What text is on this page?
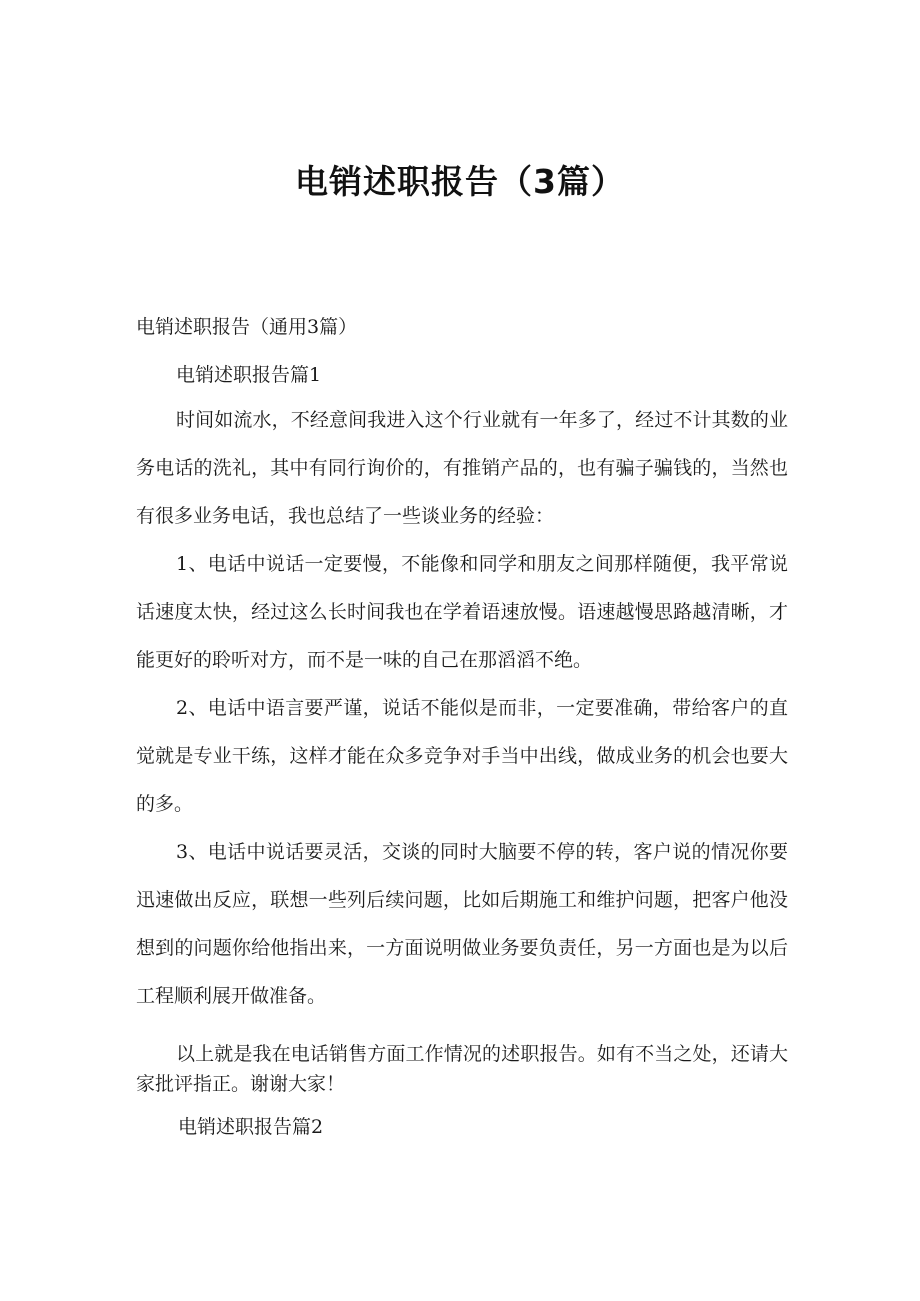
电销述职报告（3篇）
电销述职报告（通用3篇）
电销述职报告篇1
时间如流水，不经意间我进入这个行业就有一年多了，经过不计其数的业务电话的洗礼，其中有同行询价的，有推销产品的，也有骗子骗钱的，当然也有很多业务电话，我也总结了一些谈业务的经验：
1、电话中说话一定要慢，不能像和同学和朋友之间那样随便，我平常说话速度太快，经过这么长时间我也在学着语速放慢。语速越慢思路越清晰，才能更好的聆听对方，而不是一味的自己在那滔滔不绝。
2、电话中语言要严谨，说话不能似是而非，一定要准确，带给客户的直觉就是专业干练，这样才能在众多竞争对手当中出线，做成业务的机会也要大的多。
3、电话中说话要灵活，交谈的同时大脑要不停的转，客户说的情况你要迅速做出反应，联想一些列后续问题，比如后期施工和维护问题，把客户他没想到的问题你给他指出来，一方面说明做业务要负责任，另一方面也是为以后工程顺利展开做准备。
以上就是我在电话销售方面工作情况的述职报告。如有不当之处，还请大家批评指正。谢谢大家！
电销述职报告篇2
